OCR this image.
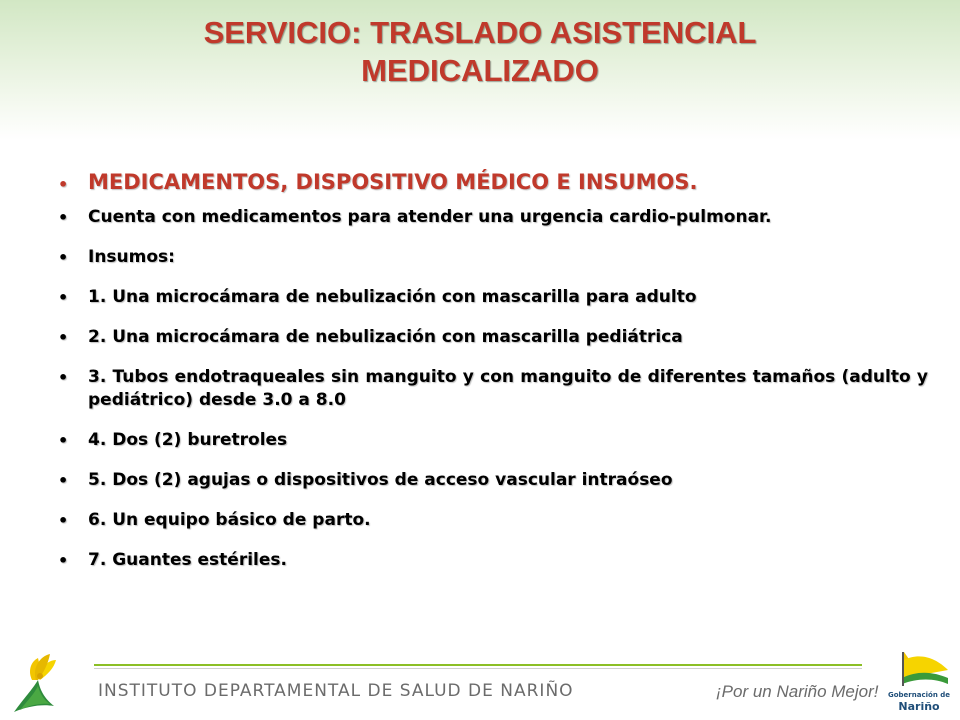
SERVICIO: TRASLADO ASISTENCIAL
MEDICALIZADO
• MEDICAMENTOS, DISPOSITIVO MÉDICO E INSUMOS.
• Cuenta con medicamentos para atender una urgencia cardio-pulmonar.
• Insumos:
• 1. Una microcámara de nebulización con mascarilla para adulto
• 2. Una microcámara de nebulización con mascarilla pediátrica
• 3. Tubos endotraqueales sin manguito y con manguito de diferentes tamaños (adulto y pediátrico) desde 3.0 a 8.0
• 4. Dos (2) buretroles
• 5. Dos (2) agujas o dispositivos de acceso vascular intraóseo
• 6. Un equipo básico de parto.
• 7. Guantes estériles.
INSTITUTO DEPARTAMENTAL DE SALUD DE NARIÑO	¡Por un Nariño Mejor!	Gobernación de
Nariño
